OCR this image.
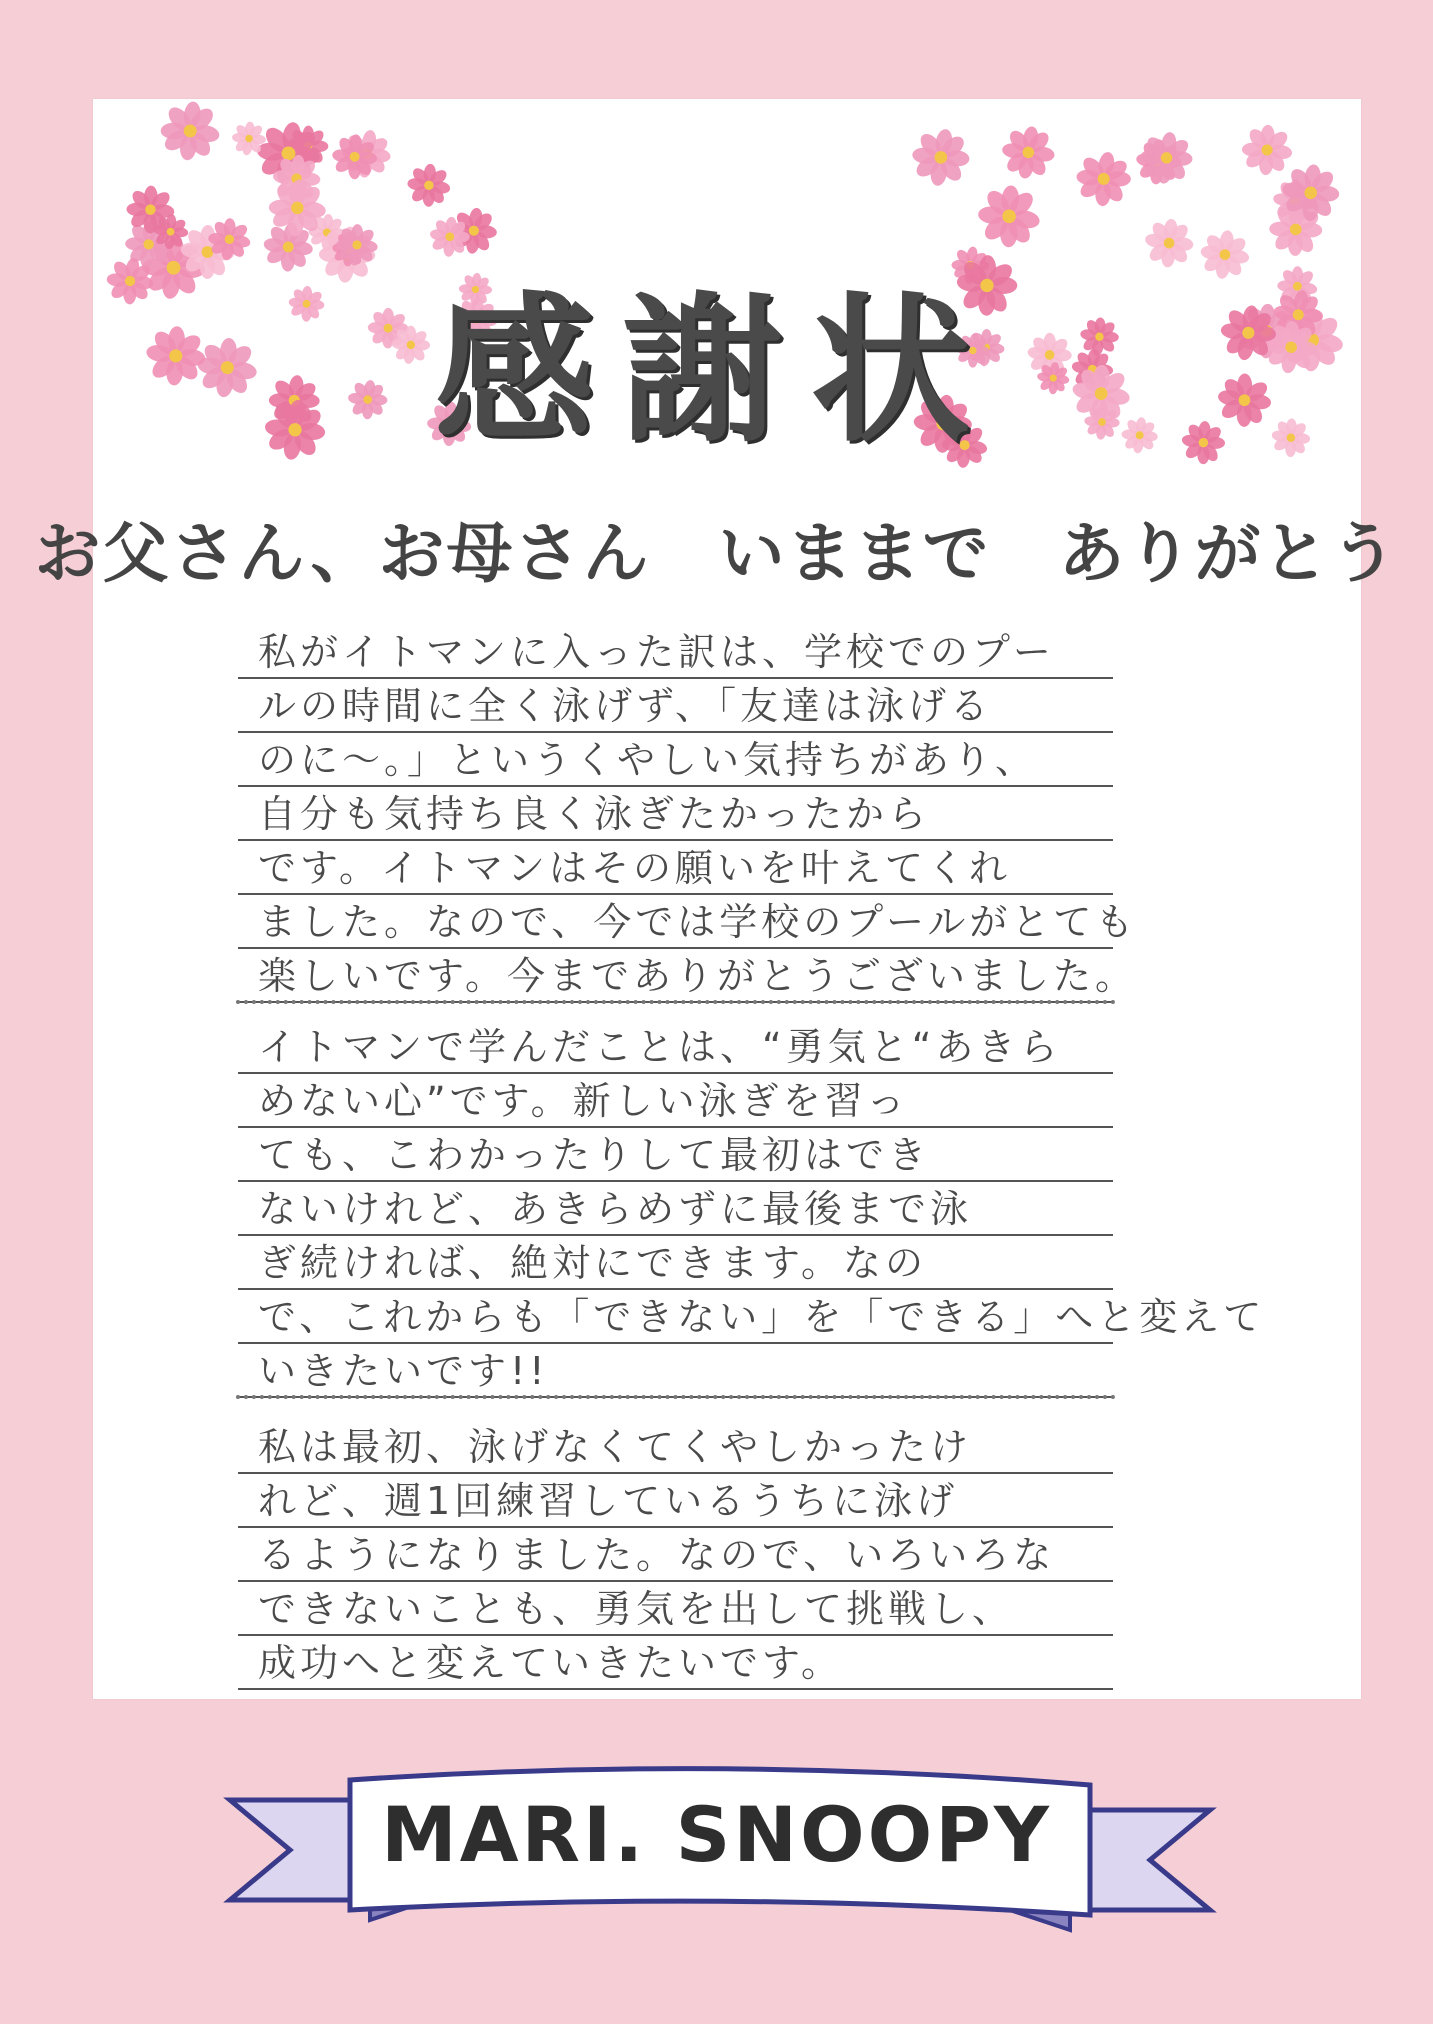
感謝状
お父さん、お母さん　いままで　ありがとう
私がイトマンに入った訳は、学校でのプー
ルの時間に全く泳げず、「友達は泳げる
のに～。」というくやしい気持ちがあり、
自分も気持ち良く泳ぎたかったから
です。イトマンはその願いを叶えてくれ
ました。なので、今では学校のプールがとても
楽しいです。今までありがとうございました。
イトマンで学んだことは、“勇気と“あきら
めない心”です。新しい泳ぎを習っ
ても、こわかったりして最初はでき
ないけれど、あきらめずに最後まで泳
ぎ続ければ、絶対にできます。なの
で、これからも「できない」を「できる」へと変えて
いきたいです!!
私は最初、泳げなくてくやしかったけ
れど、週1回練習しているうちに泳げ
るようになりました。なので、いろいろな
できないことも、勇気を出して挑戦し、
成功へと変えていきたいです。
MARI. SNOOPY
